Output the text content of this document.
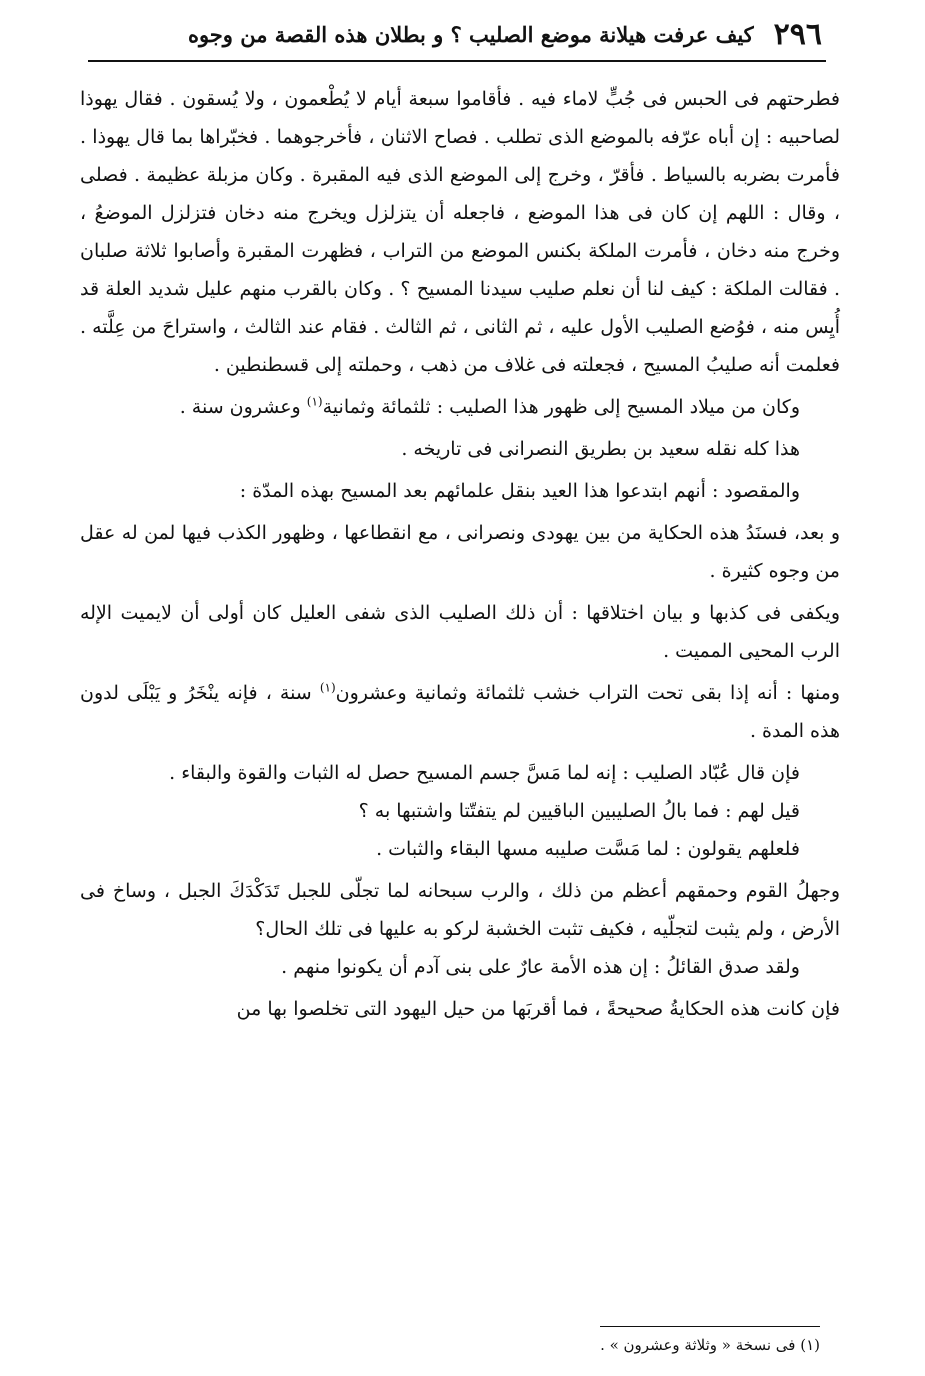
٢٩٦
كيف عرفت هيلانة موضع الصليب ؟ و بطلان هذه القصة من وجوه

فطرحتهم فى الحبس فى جُبٍّ لاماء فيه . فأقاموا سبعة أيام لا يُطْعمون ، ولا يُسقون . فقال يهوذا لصاحبيه : إن أباه عرّفه بالموضع الذى تطلب . فصاح الاثنان ، فأخرجوهما . فخبّراها بما قال يهوذا . فأمرت بضربه بالسياط . فأقرّ ، وخرج إلى الموضع الذى فيه المقبرة . وكان مزبلة عظيمة . فصلى ، وقال : اللهم إن كان فى هذا الموضع ، فاجعله أن يتزلزل ويخرج منه دخان فتزلزل الموضعُ ، وخرج منه دخان ، فأمرت الملكة بكنس الموضع من التراب ، فظهرت المقبرة وأصابوا ثلاثة صلبان . فقالت الملكة : كيف لنا أن نعلم صليب سيدنا المسيح ؟ . وكان بالقرب منهم عليل شديد العلة قد أُيِس منه ، فوُضع الصليب الأول عليه ، ثم الثانى ، ثم الثالث . فقام عند الثالث ، واستراحَ من عِلَّته . فعلمت أنه صليبُ المسيح ، فجعلته فى غلاف من ذهب ، وحملته إلى قسطنطين .

وكان من ميلاد المسيح إلى ظهور هذا الصليب : ثلثمائة وثمانية$^{(١)}$ وعشرون سنة .

هذا كله نقله سعيد بن بطريق النصرانى فى تاريخه .

والمقصود : أنهم ابتدعوا هذا العيد بنقل علمائهم بعد المسيح بهذه المدّة :

و بعد، فسنَدُ هذه الحكاية من بين يهودى ونصرانى ، مع انقطاعها ، وظهور الكذب فيها لمن له عقل من وجوه كثيرة .

ويكفى فى كذبها و بيان اختلاقها : أن ذلك الصليب الذى شفى العليل كان أولى أن لايميت الإله الرب المحيى المميت .

ومنها : أنه إذا بقى تحت التراب خشب ثلثمائة وثمانية وعشرون$^{(١)}$ سنة ، فإنه ينْخَرُ و يَبْلَى لدون هذه المدة .

فإن قال عُبّاد الصليب : إنه لما مَسَّ جسم المسيح حصل له الثبات والقوة والبقاء .

قيل لهم : فما بالُ الصليبين الباقيين لم يتفتّتا واشتبها به ؟

فلعلهم يقولون : لما مَسَّت صليبه مسها البقاء والثبات .

وجهلُ القوم وحمقهم أعظم من ذلك ، والرب سبحانه لما تجلّى للجبل تَدَكْدَكَ الجبل ، وساخ فى الأرض ، ولم يثبت لتجلّيه ، فكيف تثبت الخشبة لركو به عليها فى تلك الحال؟

ولقد صدق القائلُ : إن هذه الأمة عارٌ على بنى آدم أن يكونوا منهم .

فإن كانت هذه الحكايةُ صحيحةً ، فما أقربَها من حيل اليهود التى تخلصوا بها من

(١) فى نسخة « وثلاثة وعشرون » .
